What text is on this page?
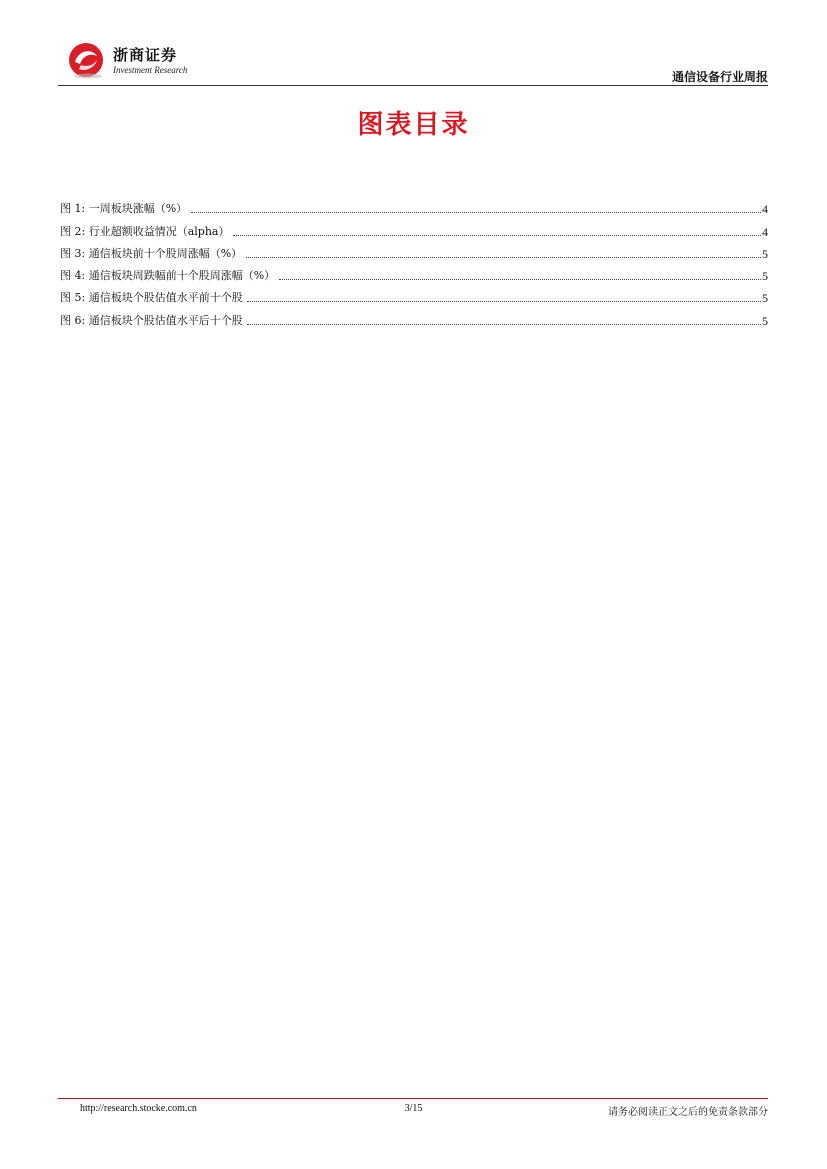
浙商证券
Investment Research	通信设备行业周报
图表目录
图 1: 一周板块涨幅（%）	4
图 2: 行业超额收益情况（alpha）	4
图 3: 通信板块前十个股周涨幅（%）	5
图 4: 通信板块周跌幅前十个股周涨幅（%）	5
图 5: 通信板块个股估值水平前十个股	5
图 6: 通信板块个股估值水平后十个股	5
http://research.stocke.com.cn	3/15	请务必阅读正文之后的免责条款部分
